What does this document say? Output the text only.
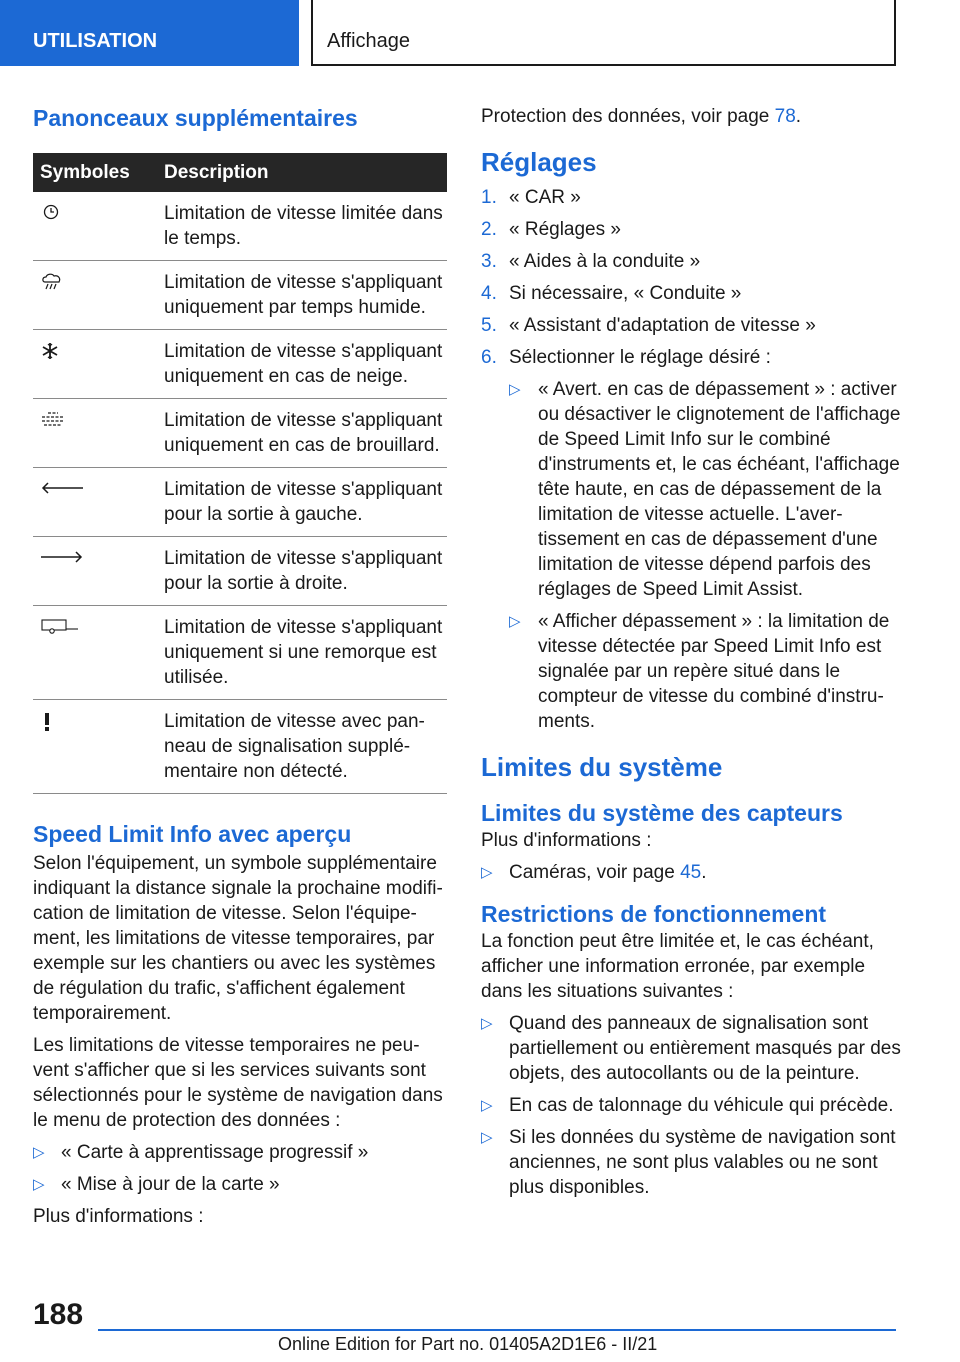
UTILISATION	Affichage
Panonceaux supplémentaires
Symboles	Description

	Limitation de vitesse limitée dans le temps.

	Limitation de vitesse s'appliquant uniquement par temps humide.

	Limitation de vitesse s'appliquant uniquement en cas de neige.

	Limitation de vitesse s'appliquant uniquement en cas de brouillard.

	Limitation de vitesse s'appliquant pour la sortie à gauche.

	Limitation de vitesse s'appliquant pour la sortie à droite.

	Limitation de vitesse s'appliquant uniquement si une remorque est utilisée.

	Limitation de vitesse avec panneau de signalisation supplémentaire non détecté.
Speed Limit Info avec aperçu

Selon l'équipement, un symbole supplémentaire indiquant la distance signale la prochaine modification de limitation de vitesse. Selon l'équipement, les limitations de vitesse temporaires, par exemple sur les chantiers ou avec les systèmes de régulation du trafic, s'affichent également temporairement.

Les limitations de vitesse temporaires ne peuvent s'afficher que si les services suivants sont sélectionnés pour le système de navigation dans le menu de protection des données :

▷ « Carte à apprentissage progressif »
▷ « Mise à jour de la carte »

Plus d'informations :

Protection des données, voir page 78.

Réglages
1. « CAR »
2. « Réglages »
3. « Aides à la conduite »
4. Si nécessaire, « Conduite »
5. « Assistant d'adaptation de vitesse »
6. Sélectionner le réglage désiré :
▷ « Avert. en cas de dépassement » : activer ou désactiver le clignotement de l'affichage de Speed Limit Info sur le combiné d'instruments et, le cas échéant, l'affichage tête haute, en cas de dépassement de la limitation de vitesse actuelle. L'avertissement en cas de dépassement d'une limitation de vitesse dépend parfois des réglages de Speed Limit Assist.
▷ « Afficher dépassement » : la limitation de vitesse détectée par Speed Limit Info est signalée par un repère situé dans le compteur de vitesse du combiné d'instruments.
Limites du système
Limites du système des capteurs

Plus d'informations :

▷ Caméras, voir page 45.
Restrictions de fonctionnement

La fonction peut être limitée et, le cas échéant, afficher une information erronée, par exemple dans les situations suivantes :

▷ Quand des panneaux de signalisation sont partiellement ou entièrement masqués par des objets, des autocollants ou de la peinture.
▷ En cas de talonnage du véhicule qui précède.
▷ Si les données du système de navigation sont anciennes, ne sont plus valables ou ne sont plus disponibles.
188
Online Edition for Part no. 01405A2D1E6 - II/21
